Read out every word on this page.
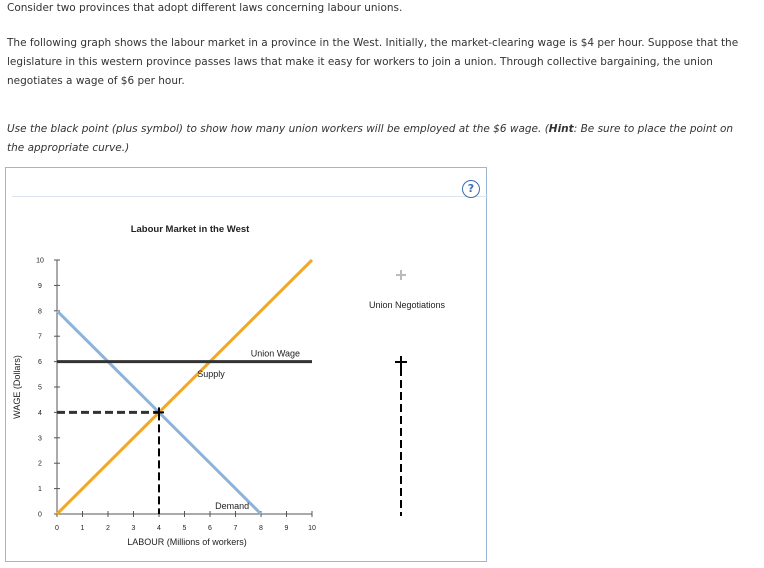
Consider two provinces that adopt different laws concerning labour unions.
The following graph shows the labour market in a province in the West. Initially, the market-clearing wage is $4 per hour. Suppose that the legislature in this western province passes laws that make it easy for workers to join a union. Through collective bargaining, the union negotiates a wage of $6 per hour.
Use the black point (plus symbol) to show how many union workers will be employed at the $6 wage. (Hint: Be sure to place the point on the appropriate curve.)
?
Labour Market in the West
WAGE (Dollars)
LABOUR (Millions of workers)
0	1	2	3	4	5	6	7	8	9	10
0
1
2
3
4
5
6
7
8
9
10
Supply
Union Wage
Demand
Union Negotiations
